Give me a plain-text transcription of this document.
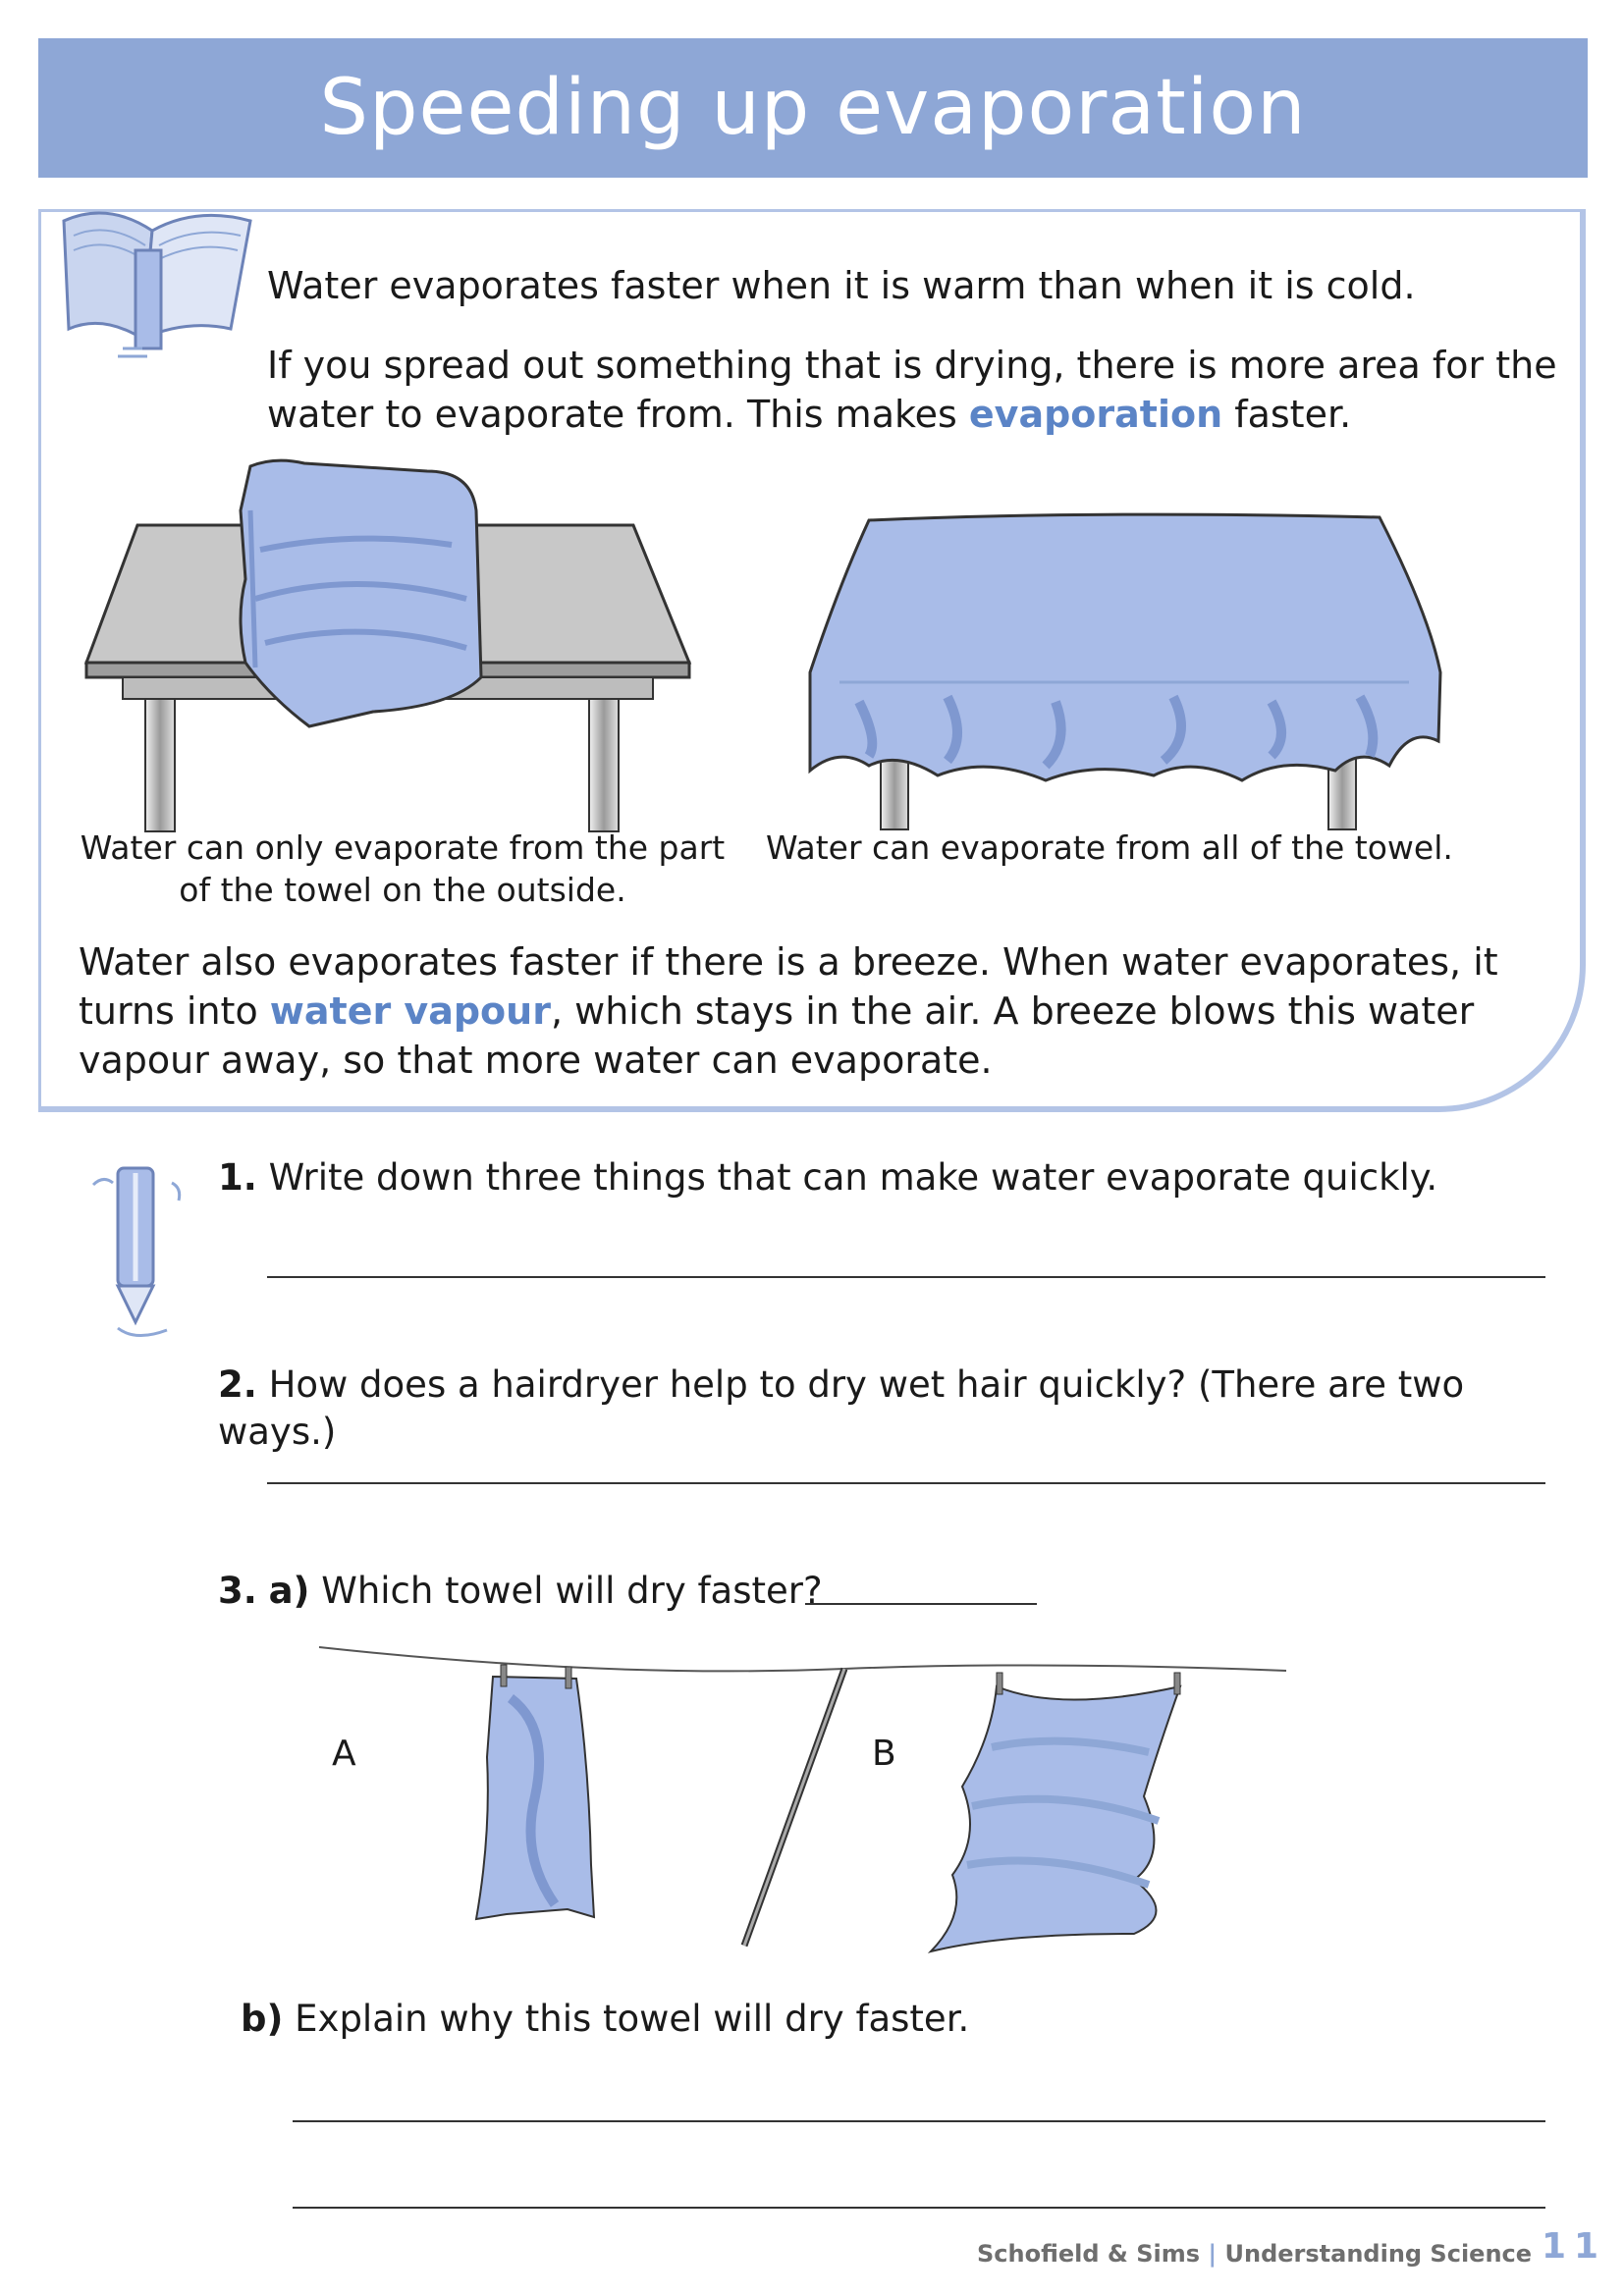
Speeding up evaporation
Water evaporates faster when it is warm than when it is cold.
If you spread out something that is drying, there is more area for the water to evaporate from. This makes evaporation faster.
Water can only evaporate from the part
of the towel on the outside.
Water can evaporate from all of the towel.
Water also evaporates faster if there is a breeze. When water evaporates, it turns into water vapour, which stays in the air. A breeze blows this water vapour away, so that more water can evaporate.
1. Write down three things that can make water evaporate quickly.
2. How does a hairdryer help to dry wet hair quickly? (There are two ways.)
3. a) Which towel will dry faster?
A	B
b) Explain why this towel will dry faster.
Schofield & Sims | Understanding Science 11
